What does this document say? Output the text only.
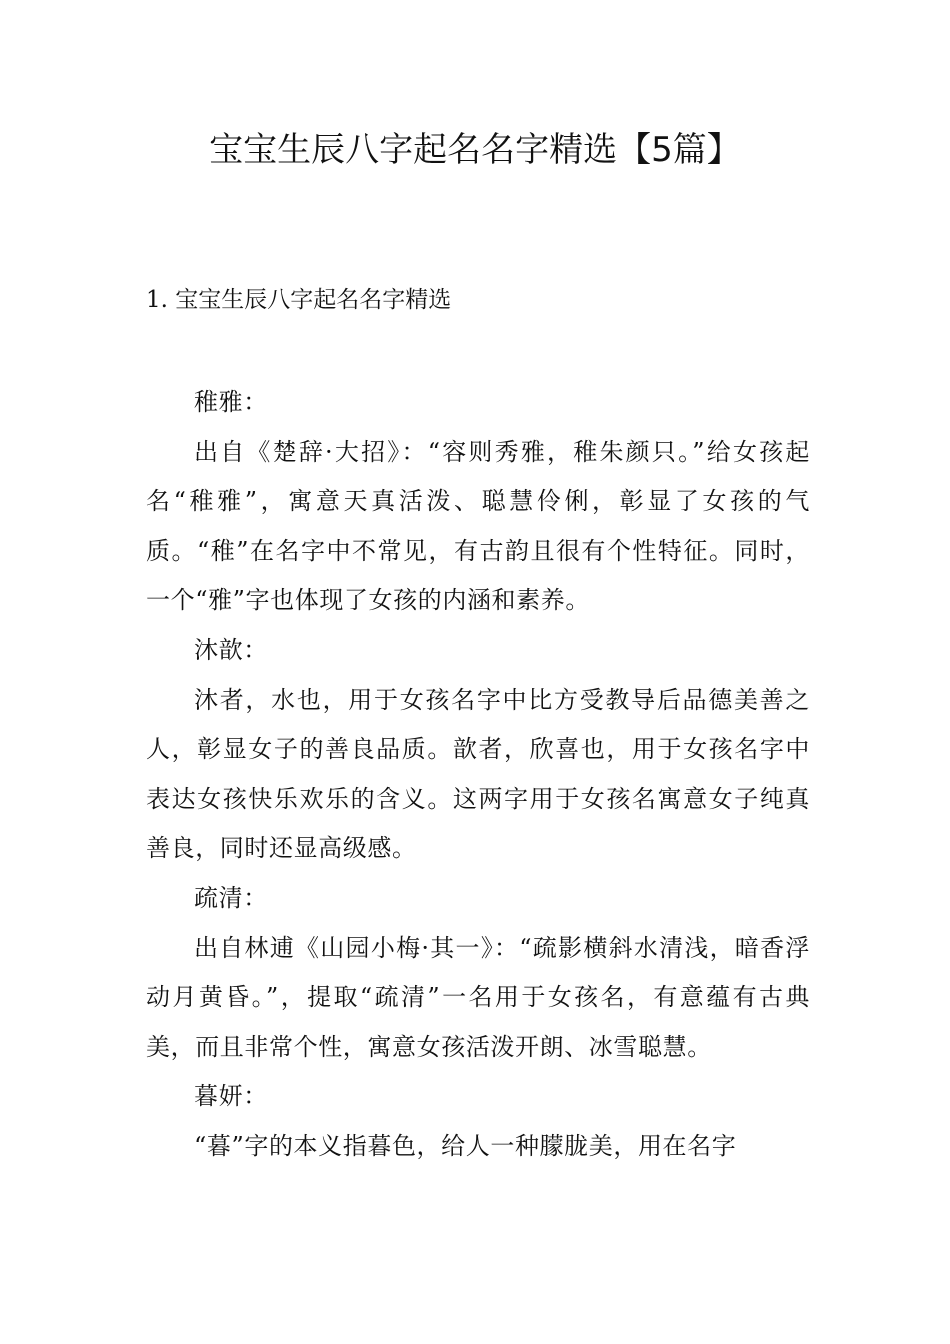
宝宝生辰八字起名名字精选【5篇】
1. 宝宝生辰八字起名名字精选

稚雅：

出自《楚辞·大招》：“容则秀雅，稚朱颜只。”给女孩起名“稚雅”，寓意天真活泼、聪慧伶俐，彰显了女孩的气质。“稚”在名字中不常见，有古韵且很有个性特征。同时，一个“雅”字也体现了女孩的内涵和素养。

沐歆：

沐者，水也，用于女孩名字中比方受教导后品德美善之人，彰显女子的善良品质。歆者，欣喜也，用于女孩名字中表达女孩快乐欢乐的含义。这两字用于女孩名寓意女子纯真善良，同时还显高级感。

疏清：

出自林逋《山园小梅·其一》：“疏影横斜水清浅，暗香浮动月黄昏。”，提取“疏清”一名用于女孩名，有意蕴有古典美，而且非常个性，寓意女孩活泼开朗、冰雪聪慧。

暮妍：

“暮”字的本义指暮色，给人一种朦胧美，用在名字
